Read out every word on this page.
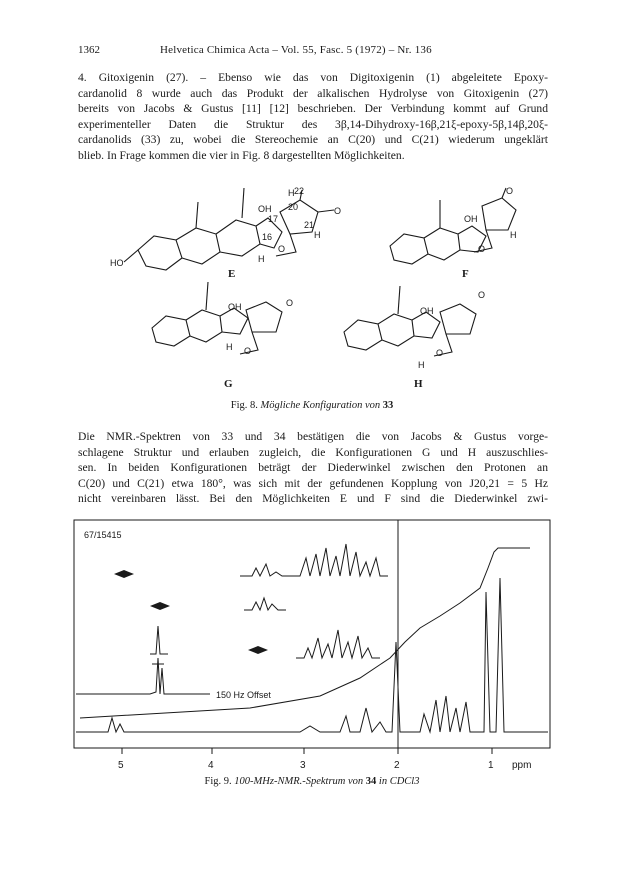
1362	Helvetica Chimica Acta – Vol. 55, Fasc. 5 (1972) – Nr. 136
4. Gitoxigenin (27). – Ebenso wie das von Digitoxigenin (1) abgeleitete Epoxy-
cardanolid 8 wurde auch das Produkt der alkalischen Hydrolyse von Gitoxigenin (27)
bereits von Jacobs & Gustus [11] [12] beschrieben. Der Verbindung kommt auf Grund
experimenteller Daten die Struktur des 3β,14-Dihydroxy-16β,21ξ-epoxy-5β,14β,20ξ-
cardanolids (33) zu, wobei die Stereochemie an C(20) und C(21) wiederum ungeklärt
blieb. In Frage kommen die vier in Fig. 8 dargestellten Möglichkeiten.
HO
OH
17
20
22
21
16
O
O
H
H
H
OH
O
O
H
OH	O
O
H
OH
O
O
H
E	F
G	H
Fig. 8. Mögliche Konfiguration von 33
Die NMR.-Spektren von 33 und 34 bestätigen die von Jacobs & Gustus vorge-
schlagene Struktur und erlauben zugleich, die Konfigurationen G und H auszuschlies-
sen. In beiden Konfigurationen beträgt der Diederwinkel zwischen den Protonen an
C(20) und C(21) etwa 180°, was sich mit der gefundenen Kopplung von J20,21 = 5 Hz
nicht vereinbaren lässt. Bei den Möglichkeiten E und F sind die Diederwinkel zwi-
67/15415
150 Hz Offset
5	4	3	2	1 ppm
Fig. 9. 100-MHz-NMR.-Spektrum von 34 in CDCl3
